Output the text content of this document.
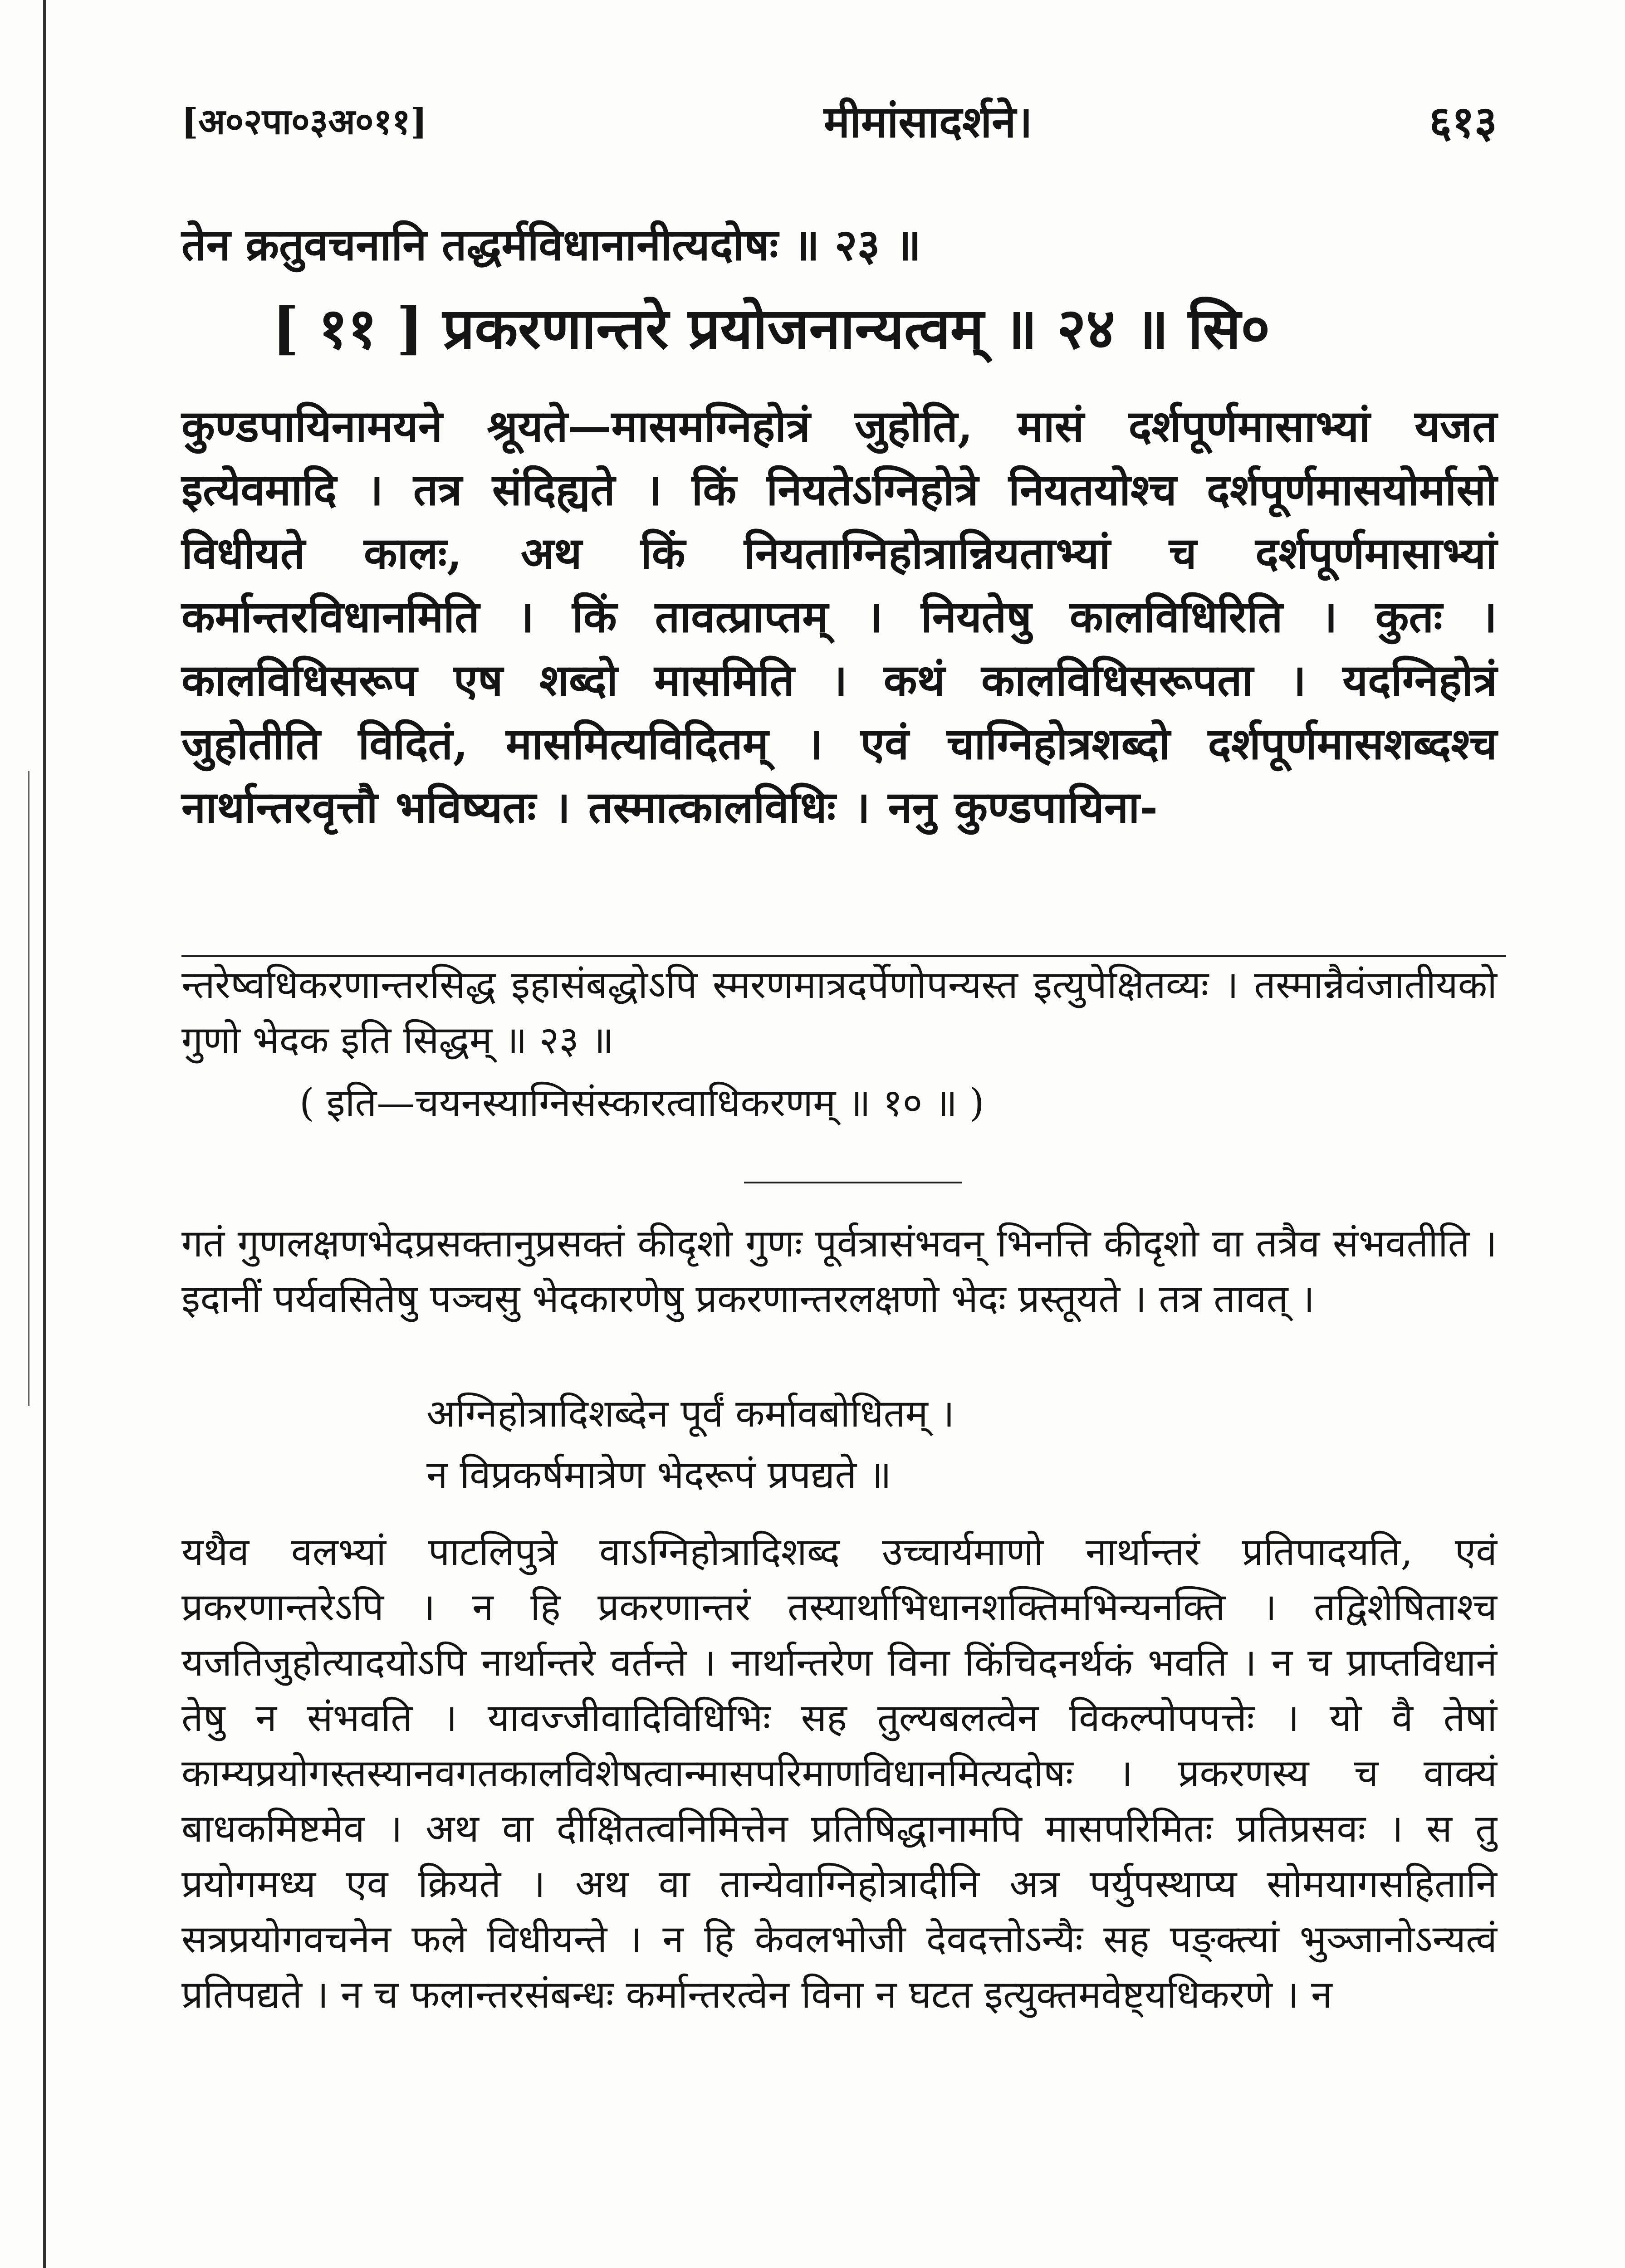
[अ०२पा०३अ०११]	मीमांसादर्शने।	६१३
तेन क्रतुवचनानि तद्धर्मविधानानीत्यदोषः ॥ २३ ॥
[ ११ ] प्रकरणान्तरे प्रयोजनान्यत्वम् ॥ २४ ॥ सि०
कुण्डपायिनामयने श्रूयते—मासमग्निहोत्रं जुहोति, मासं दर्शपूर्णमासाभ्यां यजत इत्येवमादि । तत्र संदिह्यते । किं नियतेऽग्निहोत्रे नियतयोश्च दर्शपूर्णमासयोर्मासो विधीयते कालः, अथ किं नियताग्निहोत्रान्नियताभ्यां च दर्शपूर्णमासाभ्यां कर्मान्तरविधानमिति । किं तावत्प्राप्तम् । नियतेषु कालविधिरिति । कुतः । कालविधिसरूप एष शब्दो मासमिति । कथं कालविधिसरूपता । यदग्निहोत्रं जुहोतीति विदितं, मासमित्यविदितम् । एवं चाग्निहोत्रशब्दो दर्शपूर्णमासशब्दश्च नार्थान्तरवृत्तौ भविष्यतः । तस्मात्कालविधिः । ननु कुण्डपायिना-
न्तरेष्वधिकरणान्तरसिद्ध इहासंबद्धोऽपि स्मरणमात्रदर्पेणोपन्यस्त इत्युपेक्षितव्यः । तस्मान्नैवंजातीयको गुणो भेदक इति सिद्धम् ॥ २३ ॥
( इति—चयनस्याग्निसंस्कारत्वाधिकरणम् ॥ १० ॥ )
गतं गुणलक्षणभेदप्रसक्तानुप्रसक्तं कीदृशो गुणः पूर्वत्रासंभवन् भिनत्ति कीदृशो वा तत्रैव संभवतीति । इदानीं पर्यवसितेषु पञ्चसु भेदकारणेषु प्रकरणान्तरलक्षणो भेदः प्रस्तूयते । तत्र तावत् ।
अग्निहोत्रादिशब्देन पूर्वं कर्मावबोधितम् ।
न विप्रकर्षमात्रेण भेदरूपं प्रपद्यते ॥
यथैव वलभ्यां पाटलिपुत्रे वाऽग्निहोत्रादिशब्द उच्चार्यमाणो नार्थान्तरं प्रतिपादयति, एवं प्रकरणान्तरेऽपि । न हि प्रकरणान्तरं तस्यार्थाभिधानशक्तिमभिन्यनक्ति । तद्विशेषिताश्च यजतिजुहोत्यादयोऽपि नार्थान्तरे वर्तन्ते । नार्थान्तरेण विना किंचिदनर्थकं भवति । न च प्राप्तविधानं तेषु न संभवति । यावज्जीवादिविधिभिः सह तुल्यबलत्वेन विकल्पोपपत्तेः । यो वै तेषां काम्यप्रयोगस्तस्यानवगतकालविशेषत्वान्मासपरिमाणविधानमित्यदोषः । प्रकरणस्य च वाक्यं बाधकमिष्टमेव । अथ वा दीक्षितत्वनिमित्तेन प्रतिषिद्धानामपि मासपरिमितः प्रतिप्रसवः । स तु प्रयोगमध्य एव क्रियते । अथ वा तान्येवाग्निहोत्रादीनि अत्र पर्युपस्थाप्य सोमयागसहितानि सत्रप्रयोगवचनेन फले विधीयन्ते । न हि केवलभोजी देवदत्तोऽन्यैः सह पङ्क्त्यां भुञ्जानोऽन्यत्वं प्रतिपद्यते । न च फलान्तरसंबन्धः कर्मान्तरत्वेन विना न घटत इत्युक्तमवेष्ट्यधिकरणे । न
